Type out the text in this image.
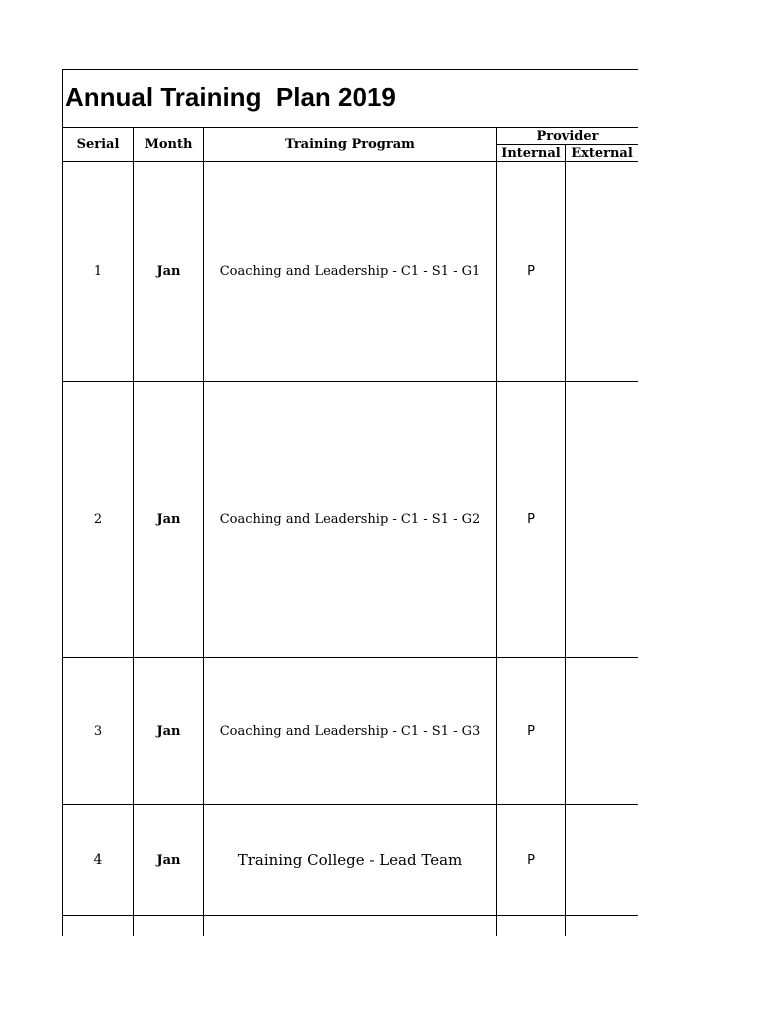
Annual Training  Plan 2019
Serial	Month	Training Program	Provider	
			Internal	External
1	Jan	Coaching and Leadership - C1 - S1 - G1	P	
2	Jan	Coaching and Leadership - C1 - S1 - G2	P	
3	Jan	Coaching and Leadership - C1 - S1 - G3	P	
4	Jan	Training College - Lead Team	P	
